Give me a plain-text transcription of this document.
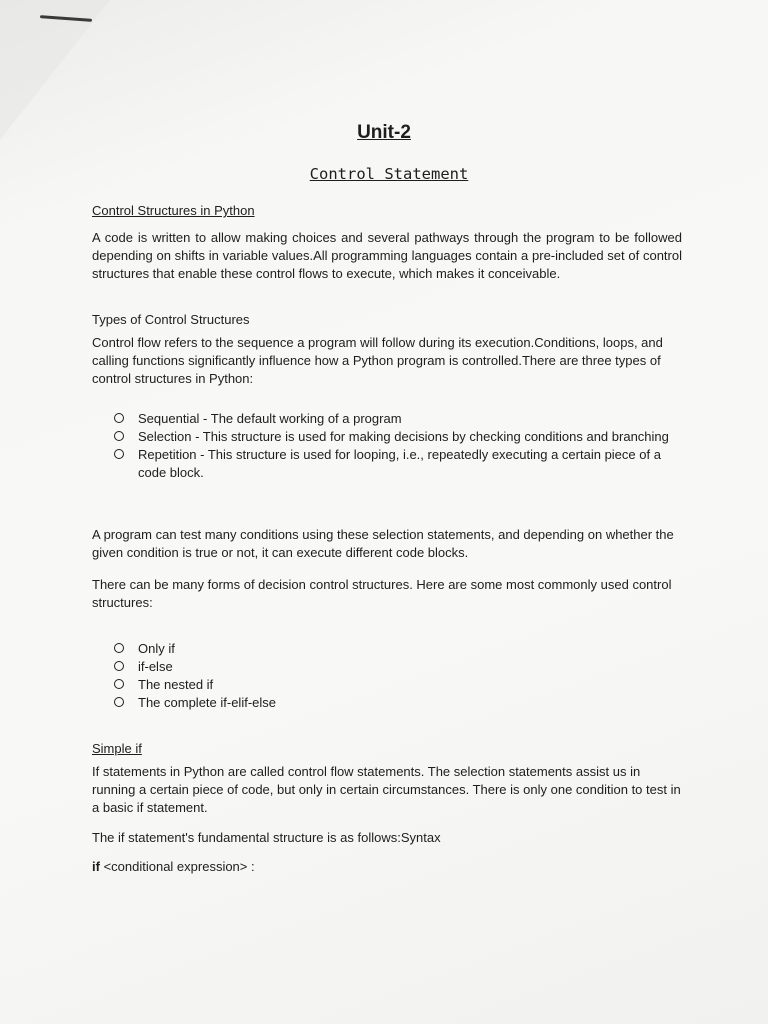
Unit-2
Control Statement
Control Structures in Python
A code is written to allow making choices and several pathways through the program to be followed depending on shifts in variable values.All programming languages contain a pre-included set of control structures that enable these control flows to execute, which makes it conceivable.
Types of Control Structures
Control flow refers to the sequence a program will follow during its execution.Conditions, loops, and calling functions significantly influence how a Python program is controlled.There are three types of control structures in Python:
Sequential - The default working of a program
Selection - This structure is used for making decisions by checking conditions and branching
Repetition - This structure is used for looping, i.e., repeatedly executing a certain piece of a code block.
A program can test many conditions using these selection statements, and depending on whether the given condition is true or not, it can execute different code blocks.
There can be many forms of decision control structures. Here are some most commonly used control structures:
Only if
if-else
The nested if
The complete if-elif-else
Simple if
If statements in Python are called control flow statements. The selection statements assist us in running a certain piece of code, but only in certain circumstances. There is only one condition to test in a basic if statement.
The if statement's fundamental structure is as follows:Syntax
if <conditional expression> :
